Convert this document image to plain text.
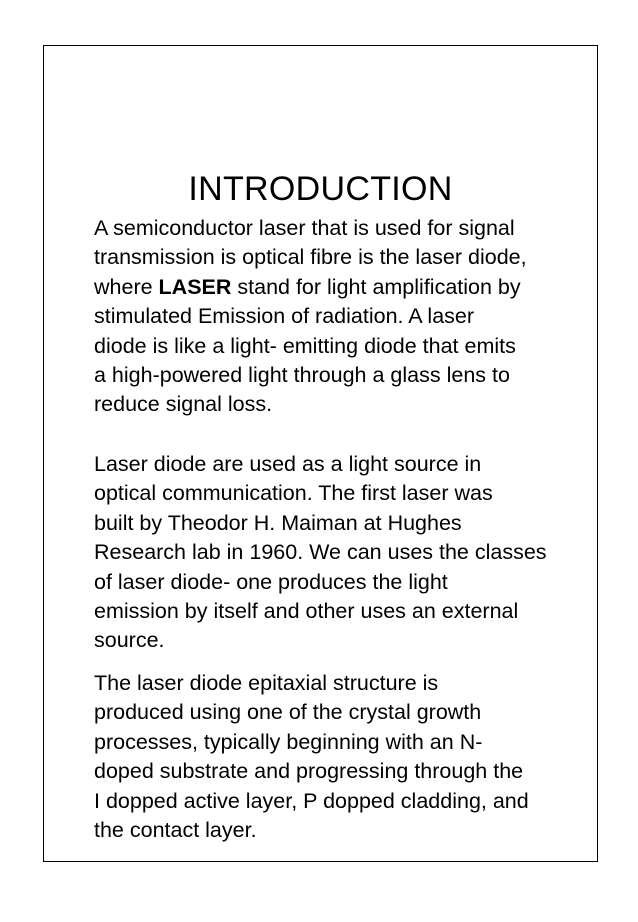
INTRODUCTION

A semiconductor laser that is used for signal
transmission is optical fibre is the laser diode,
where LASER stand for light amplification by
stimulated Emission of radiation. A laser
diode is like a light- emitting diode that emits
a high-powered light through a glass lens to
reduce signal loss.

Laser diode are used as a light source in
optical communication. The first laser was
built by Theodor H. Maiman at Hughes
Research lab in 1960. We can uses the classes
of laser diode- one produces the light
emission by itself and other uses an external
source.

The laser diode epitaxial structure is
produced using one of the crystal growth
processes, typically beginning with an N-
doped substrate and progressing through the
I dopped active layer, P dopped cladding, and
the contact layer.
